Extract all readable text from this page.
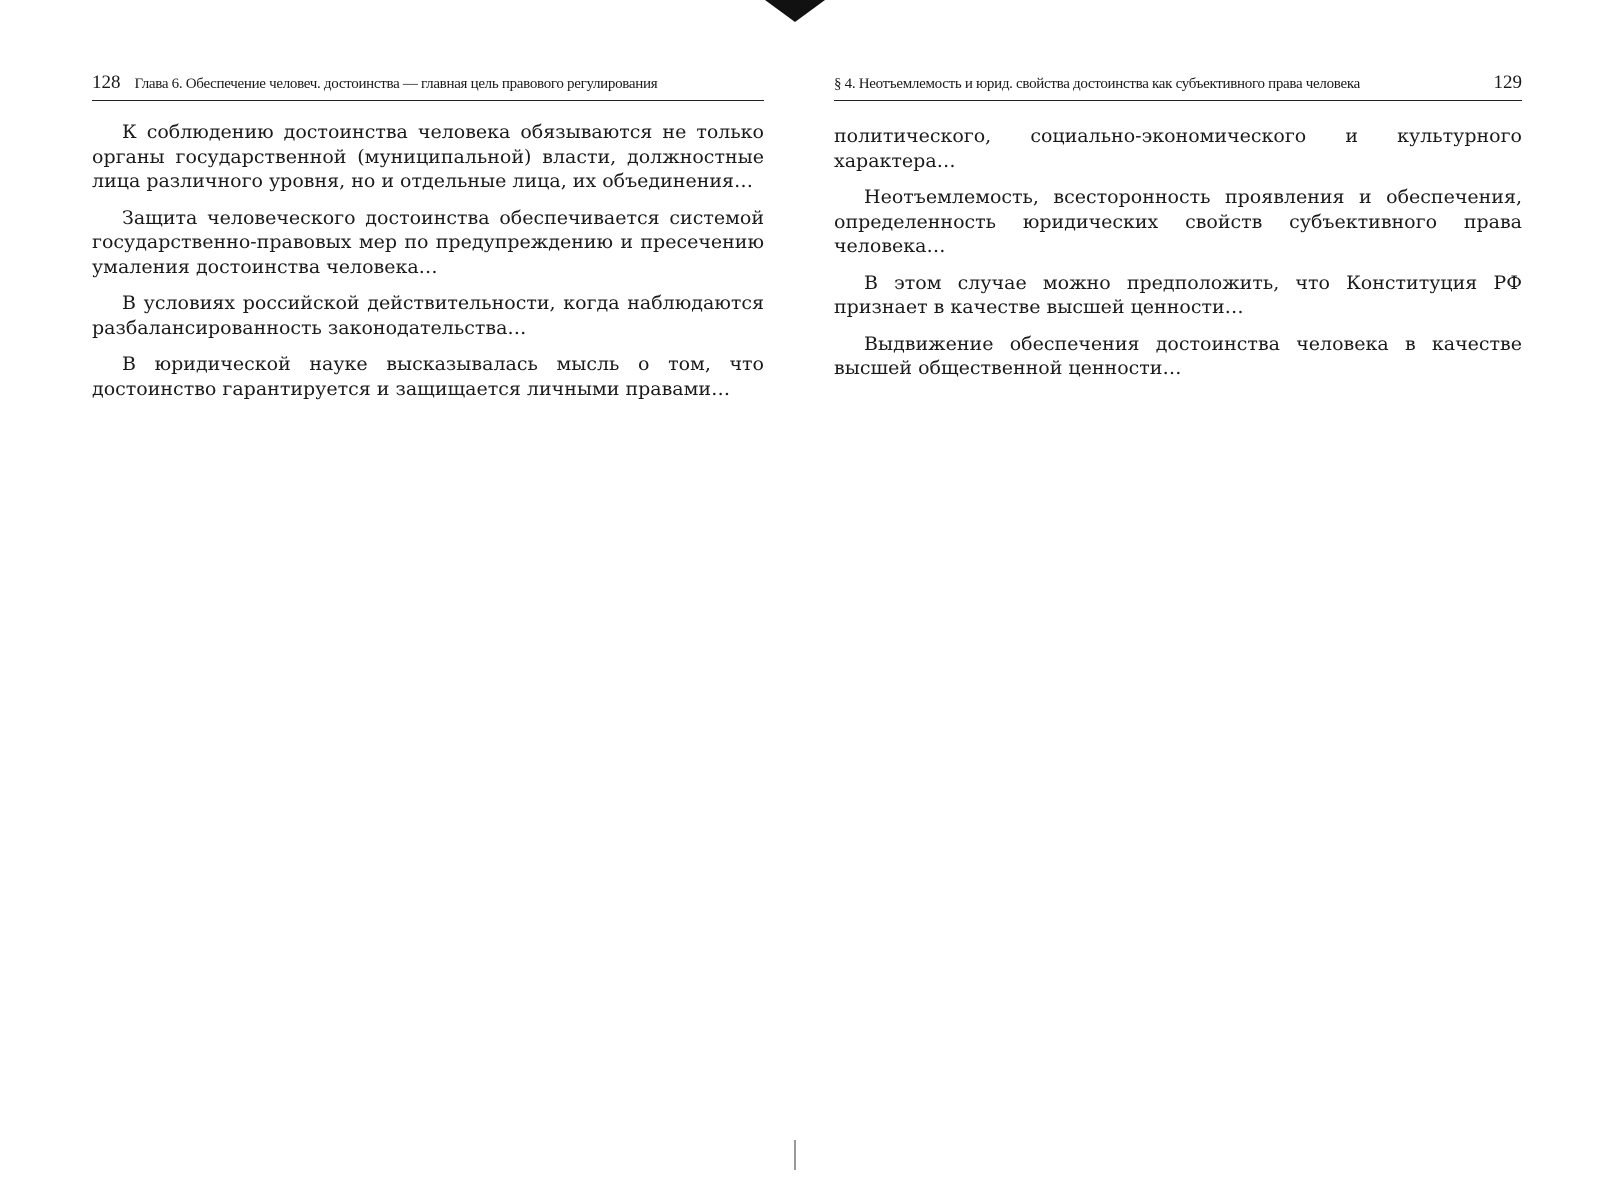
128 Глава 6. Обеспечение человеч. достоинства — главная цель правового регулирования

К соблюдению достоинства человека обязываются не только органы государственной (муниципальной) власти, должностные лица различного уровня, но и отдельные лица, их объединения…

Защита человеческого достоинства обеспечивается системой государственно-правовых мер по предупреждению и пресечению умаления достоинства человека…

В условиях российской действительности, когда наблюдаются разбалансированность законодательства…

В юридической науке высказывалась мысль о том, что достоинство гарантируется и защищается личными правами…

§ 4. Неотъемлемость и юрид. свойства достоинства как субъективного права человека	129

политического, социально-экономического и культурного характера…

Неотъемлемость, всесторонность проявления и обеспечения, определенность юридических свойств субъективного права человека…

В этом случае можно предположить, что Конституция РФ признает в качестве высшей ценности…

Выдвижение обеспечения достоинства человека в качестве высшей общественной ценности…
